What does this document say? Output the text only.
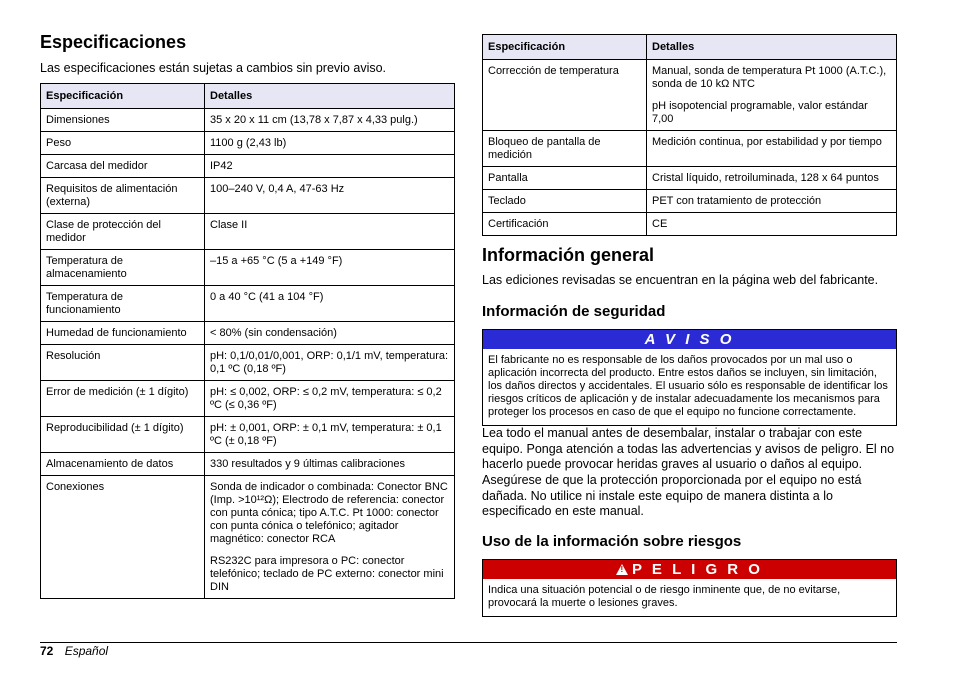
Especificaciones

Las especificaciones están sujetas a cambios sin previo aviso.

Especificación	Detalles
Dimensiones	35 x 20 x 11 cm (13,78 x 7,87 x 4,33 pulg.)

Peso	1100 g (2,43 lb)

Carcasa del medidor	IP42

Requisitos de alimentación (externa)	100–240 V, 0,4 A, 47-63 Hz

Clase de protección del medidor	Clase II

Temperatura de almacenamiento	–15 a +65 °C (5 a +149 °F)

Temperatura de funcionamiento	0 a 40 °C (41 a 104 °F)

Humedad de funcionamiento	< 80% (sin condensación)

Resolución	pH: 0,1/0,01/0,001, ORP: 0,1/1 mV, temperatura: 0,1 ºC (0,18 ºF)

Error de medición (± 1 dígito)	pH: ≤ 0,002, ORP: ≤ 0,2 mV, temperatura: ≤ 0,2 ºC (≤ 0,36 ºF)

Reproducibilidad (± 1 dígito)	pH: ± 0,001, ORP: ± 0,1 mV, temperatura: ± 0,1 ºC (± 0,18 ºF)

Almacenamiento de datos	330 resultados y 9 últimas calibraciones

Conexiones	Sonda de indicador o combinada: Conector BNC (Imp. >10¹²Ω); Electrodo de referencia: conector con punta cónica; tipo A.T.C. Pt 1000: conector con punta cónica o telefónico; agitador magnético: conector RCA

RS232C para impresora o PC: conector telefónico; teclado de PC externo: conector mini DIN

Especificación	Detalles
Corrección de temperatura	Manual, sonda de temperatura Pt 1000 (A.T.C.), sonda de 10 kΩ NTC

pH isopotencial programable, valor estándar 7,00

Bloqueo de pantalla de medición	Medición continua, por estabilidad y por tiempo

Pantalla	Cristal líquido, retroiluminada, 128 x 64 puntos

Teclado	PET con tratamiento de protección

Certificación	CE

Información general

Las ediciones revisadas se encuentran en la página web del fabricante.

Información de seguridad
A V I S O
El fabricante no es responsable de los daños provocados por un mal uso o aplicación incorrecta del producto. Entre estos daños se incluyen, sin limitación, los daños directos y accidentales. El usuario sólo es responsable de identificar los riesgos críticos de aplicación y de instalar adecuadamente los mecanismos para proteger los procesos en caso de que el equipo no funcione correctamente.

Lea todo el manual antes de desembalar, instalar o trabajar con este equipo. Ponga atención a todas las advertencias y avisos de peligro. El no hacerlo puede provocar heridas graves al usuario o daños al equipo.

Asegúrese de que la protección proporcionada por el equipo no está dañada. No utilice ni instale este equipo de manera distinta a lo especificado en este manual.

Uso de la información sobre riesgos
! P E L I G R O
Indica una situación potencial o de riesgo inminente que, de no evitarse, provocará la muerte o lesiones graves.
72 Español
